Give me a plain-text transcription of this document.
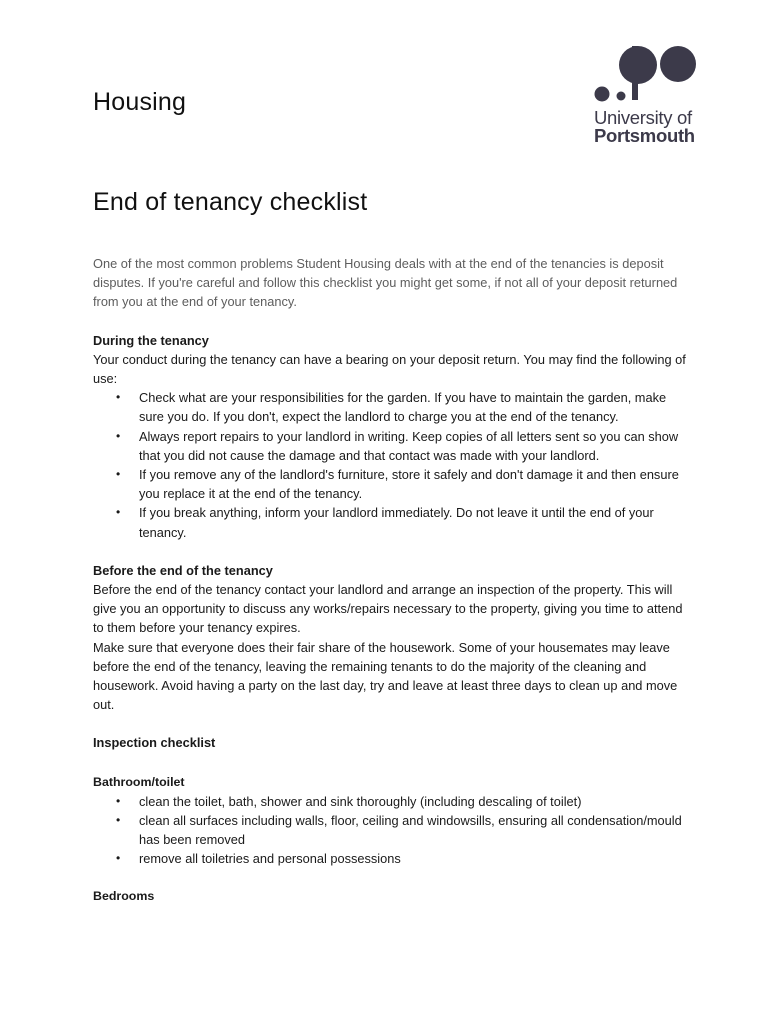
Housing
University of
Portsmouth
End of tenancy checklist

One of the most common problems Student Housing deals with at the end of the tenancies is deposit disputes. If you're careful and follow this checklist you might get some, if not all of your deposit returned from you at the end of your tenancy.

During the tenancy

Your conduct during the tenancy can have a bearing on your deposit return. You may find the following of use:

• Check what are your responsibilities for the garden. If you have to maintain the garden, make sure you do. If you don't, expect the landlord to charge you at the end of the tenancy.
• Always report repairs to your landlord in writing. Keep copies of all letters sent so you can show that you did not cause the damage and that contact was made with your landlord.
• If you remove any of the landlord's furniture, store it safely and don't damage it and then ensure you replace it at the end of the tenancy.
• If you break anything, inform your landlord immediately. Do not leave it until the end of your tenancy.

Before the end of the tenancy

Before the end of the tenancy contact your landlord and arrange an inspection of the property. This will give you an opportunity to discuss any works/repairs necessary to the property, giving you time to attend to them before your tenancy expires.

Make sure that everyone does their fair share of the housework. Some of your housemates may leave before the end of the tenancy, leaving the remaining tenants to do the majority of the cleaning and housework. Avoid having a party on the last day, try and leave at least three days to clean up and move out.

Inspection checklist

Bathroom/toilet

• clean the toilet, bath, shower and sink thoroughly (including descaling of toilet)
• clean all surfaces including walls, floor, ceiling and windowsills, ensuring all condensation/mould has been removed
• remove all toiletries and personal possessions

Bedrooms
